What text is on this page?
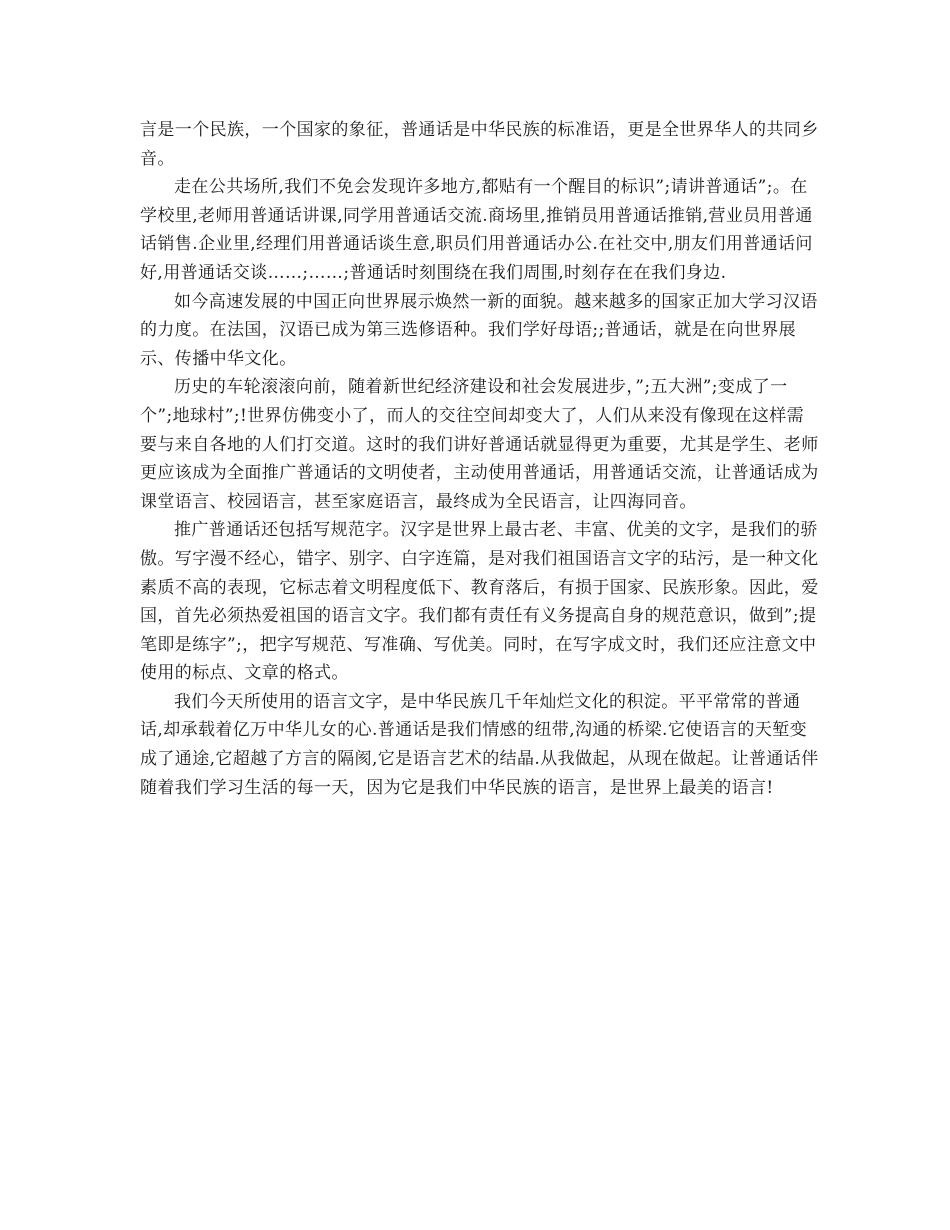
言是一个民族，一个国家的象征，普通话是中华民族的标准语，更是全世界华人的共同乡音。

走在公共场所,我们不免会发现许多地方,都贴有一个醒目的标识”;请讲普通话”;。在学校里,老师用普通话讲课,同学用普通话交流.商场里,推销员用普通话推销,营业员用普通话销售.企业里,经理们用普通话谈生意,职员们用普通话办公.在社交中,朋友们用普通话问好,用普通话交谈……;……;普通话时刻围绕在我们周围,时刻存在在我们身边.

如今高速发展的中国正向世界展示焕然一新的面貌。越来越多的国家正加大学习汉语的力度。在法国，汉语已成为第三选修语种。我们学好母语;;普通话，就是在向世界展示、传播中华文化。

历史的车轮滚滚向前，随着新世纪经济建设和社会发展进步，”;五大洲”;变成了一个”;地球村”;!世界仿佛变小了，而人的交往空间却变大了，人们从来没有像现在这样需要与来自各地的人们打交道。这时的我们讲好普通话就显得更为重要，尤其是学生、老师更应该成为全面推广普通话的文明使者，主动使用普通话，用普通话交流，让普通话成为课堂语言、校园语言，甚至家庭语言，最终成为全民语言，让四海同音。

推广普通话还包括写规范字。汉字是世界上最古老、丰富、优美的文字，是我们的骄傲。写字漫不经心，错字、别字、白字连篇，是对我们祖国语言文字的玷污，是一种文化素质不高的表现，它标志着文明程度低下、教育落后，有损于国家、民族形象。因此，爱国，首先必须热爱祖国的语言文字。我们都有责任有义务提高自身的规范意识，做到”;提笔即是练字”;，把字写规范、写准确、写优美。同时，在写字成文时，我们还应注意文中使用的标点、文章的格式。

我们今天所使用的语言文字，是中华民族几千年灿烂文化的积淀。平平常常的普通话,却承载着亿万中华儿女的心.普通话是我们情感的纽带,沟通的桥梁.它使语言的天堑变成了通途,它超越了方言的隔阂,它是语言艺术的结晶.从我做起，从现在做起。让普通话伴随着我们学习生活的每一天，因为它是我们中华民族的语言，是世界上最美的语言!
